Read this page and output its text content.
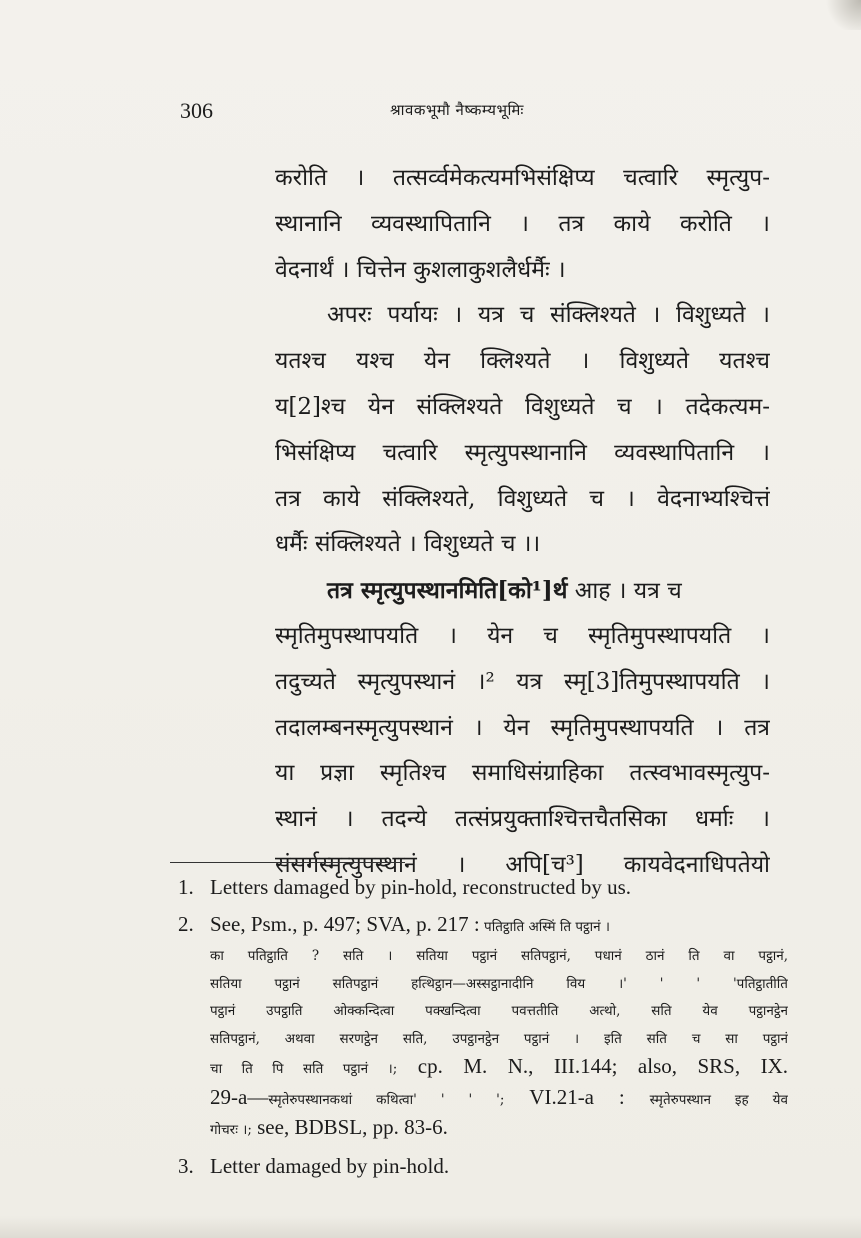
306	श्रावकभूमौ नैष्कम्यभूमिः
करोति । तत्सर्व्वमेकत्यमभिसंक्षिप्य चत्वारि स्मृत्युप-
स्थानानि व्यवस्थापितानि । तत्र काये करोति ।
वेदनार्थं । चित्तेन कुशलाकुशलैर्धर्मैः ।
अपरः पर्यायः । यत्र च संक्लिश्यते । विशुध्यते ।
यतश्च यश्च येन क्लिश्यते । विशुध्यते यतश्च
य[2]श्च येन संक्लिश्यते विशुध्यते च । तदेकत्यम-
भिसंक्षिप्य चत्वारि स्मृत्युपस्थानानि व्यवस्थापितानि ।
तत्र काये संक्लिश्यते, विशुध्यते च । वेदनाभ्यश्चित्तं
धर्मैः संक्लिश्यते । विशुध्यते च ।।
तत्र स्मृत्युपस्थानमिति[को¹]र्थ आह । यत्र च
स्मृतिमुपस्थापयति । येन च स्मृतिमुपस्थापयति ।
तदुच्यते स्मृत्युपस्थानं ।² यत्र स्मृ[3]तिमुपस्थापयति ।
तदालम्बनस्मृत्युपस्थानं । येन स्मृतिमुपस्थापयति । तत्र
या प्रज्ञा स्मृतिश्च समाधिसंग्राहिका तत्स्वभावस्मृत्युप-
स्थानं । तदन्ये तत्संप्रयुक्ताश्चित्तचैतसिका धर्माः ।
संसर्गस्मृत्युपस्थानं । अपि[च³] कायवेदनाधिपतेयो
1. Letters damaged by pin-hold, reconstructed by us.
2. See, Psm., p. 497; SVA, p. 217 : पतिट्ठाति अस्मिं ति पट्ठानं ।
का पतिट्ठाति ? सति । सतिया पट्ठानं सतिपट्ठानं, पधानं ठानं ति वा पट्ठानं,
सतिया पट्ठानं सतिपट्ठानं हत्थिट्ठान—अस्सट्ठानादीनि विय ।' ' ' 'पतिट्ठातीति
पट्ठानं उपट्ठाति ओक्कन्दित्वा पक्खन्दित्वा पवत्ततीति अत्थो, सति येव पट्ठानट्ठेन
सतिपट्ठानं, अथवा सरणट्ठेन सति, उपट्ठानट्ठेन पट्ठानं । इति सति च सा पट्ठानं
चा ति पि सति पट्ठानं ।; cp. M. N., III.144; also, SRS, IX.
29-a—स्मृतेरुपस्थानकथां कथित्वा' ' ' '; VI.21-a : स्मृतेरुपस्थान इह येव
गोचरः ।; see, BDBSL, pp. 83-6.
3. Letter damaged by pin-hold.
